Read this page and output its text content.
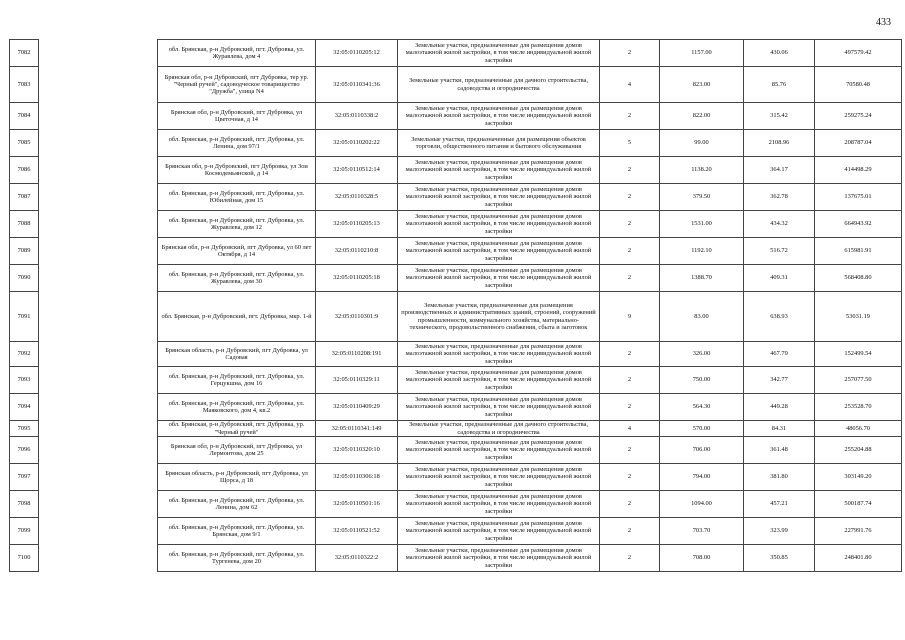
433
7082		обл. Брянская, р-н Дубровский, пгт. Дубровка, ул. Журавлева, дом 4	32:05:0110205:12	Земельные участки, предназначенные для размещения домов малоэтажной жилой застройки, в том числе индивидуальной жилой застройки	2	1157.00	430.06	497579.42
7083		Брянская обл, р-н Дубровский, пгт Дубровка, тер ур. "Черный ручей", садоводческое товарищество "Дружба", улица N4	32:05:0110341:36	Земельные участки, предназначенные для дачного строительства, садоводства и огородничества	4	823.00	85.76	70580.48
7084		Брянская обл, р-н Дубровский, пгт Дубровка, ул Цветочная, д 14	32:05:0110338:2	Земельные участки, предназначенные для размещения домов малоэтажной жилой застройки, в том числе индивидуальной жилой застройки	2	822.00	315.42	259275.24
7085		обл. Брянская, р-н Дубровский, пгт. Дубровка, ул. Ленина, дом 97/1	32:05:0110202:22	Земельные участки, предназначенные для размещения объектов торговли, общественного питания и бытового обслуживания	5	99.00	2108.96	208787.04
7086		Брянская обл, р-н Дубровский, пгт Дубровка, ул Зои Космодемьянской, д 14	32:05:0110512:14	Земельные участки, предназначенные для размещения домов малоэтажной жилой застройки, в том числе индивидуальной жилой застройки	2	1138.20	364.17	414498.29
7087		обл. Брянская, р-н Дубровский, пгт. Дубровка, ул. Юбилейная, дом 15	32:05:0110328:5	Земельные участки, предназначенные для размещения домов малоэтажной жилой застройки, в том числе индивидуальной жилой застройки	2	379.50	362.78	137675.01
7088		обл. Брянская, р-н Дубровский, пгт. Дубровка, ул. Журавлева, дом 12	32:05:0110205:13	Земельные участки, предназначенные для размещения домов малоэтажной жилой застройки, в том числе индивидуальной жилой застройки	2	1531.00	434.32	664943.92
7089		Брянская обл, р-н Дубровский, пгт Дубровка, ул 60 лет Октября, д 14	32:05:0110210:8	Земельные участки, предназначенные для размещения домов малоэтажной жилой застройки, в том числе индивидуальной жилой застройки	2	1192.10	516.72	615981.91
7090		обл. Брянская, р-н Дубровский, пгт. Дубровка, ул. Журавлева, дом 30	32:05:0110205:18	Земельные участки, предназначенные для размещения домов малоэтажной жилой застройки, в том числе индивидуальной жилой застройки	2	1388.70	409.31	568408.80
7091		обл. Брянская, р-н Дубровский, пгт. Дубровка, мкр. 1-й	32:05:0110301:9	Земельные участки, предназначенные для размещения производственных и административных зданий, строений, сооружений промышленности, коммунального хозяйства, материально-технического, продовольственного снабжения, сбыта и заготовок	9	83.00	638.93	53031.19
7092		Брянская область, р-н Дубровский, пгт Дубровка, ул Садовая	32:05:0110208:191	Земельные участки, предназначенные для размещения домов малоэтажной жилой застройки, в том числе индивидуальной жилой застройки	2	326.00	467.79	152499.54
7093		обл. Брянская, р-н Дубровский, пгт. Дубровка, ул. Герцукшна, дом 16	32:05:0110329:11	Земельные участки, предназначенные для размещения домов малоэтажной жилой застройки, в том числе индивидуальной жилой застройки	2	750.00	342.77	257077.50
7094		обл. Брянская, р-н Дубровский, пгт. Дубровка, ул. Маяковского, дом 4, кв.2	32:05:0110409:29	Земельные участки, предназначенные для размещения домов малоэтажной жилой застройки, в том числе индивидуальной жилой застройки	2	564.30	449.28	253528.70
7095		обл. Брянская, р-н Дубровский, пгт. Дубровка, ур. "Черный ручей"	32:05:0110341:149	Земельные участки, предназначенные для дачного строительства, садоводства и огородничества	4	570.00	84.31	48056.70
7096		Брянская обл, р-н Дубровский, пгт Дубровка, ул Лермонтова, дом 25	32:05:0110320:10	Земельные участки, предназначенные для размещения домов малоэтажной жилой застройки, в том числе индивидуальной жилой застройки	2	706.00	361.48	255204.88
7097		Брянская область, р-н Дубровский, пгт Дубровка, ул Щорса, д 18	32:05:0110306:18	Земельные участки, предназначенные для размещения домов малоэтажной жилой застройки, в том числе индивидуальной жилой застройки	2	794.00	381.80	303149.20
7098		обл. Брянская, р-н Дубровский, пгт. Дубровка, ул. Ленина, дом 62	32:05:0110501:16	Земельные участки, предназначенные для размещения домов малоэтажной жилой застройки, в том числе индивидуальной жилой застройки	2	1094.00	457.21	500187.74
7099		обл. Брянская, р-н Дубровский, пгт. Дубровка, ул. Брянская, дом 9/1	32:05:0110521:52	Земельные участки, предназначенные для размещения домов малоэтажной жилой застройки, в том числе индивидуальной жилой застройки	2	703.70	323.99	227991.76
7100		обл. Брянская, р-н Дубровский, пгт. Дубровка, ул. Тургенева, дом 20	32:05:0110322:2	Земельные участки, предназначенные для размещения домов малоэтажной жилой застройки, в том числе индивидуальной жилой застройки	2	708.00	350.85	248401.80
